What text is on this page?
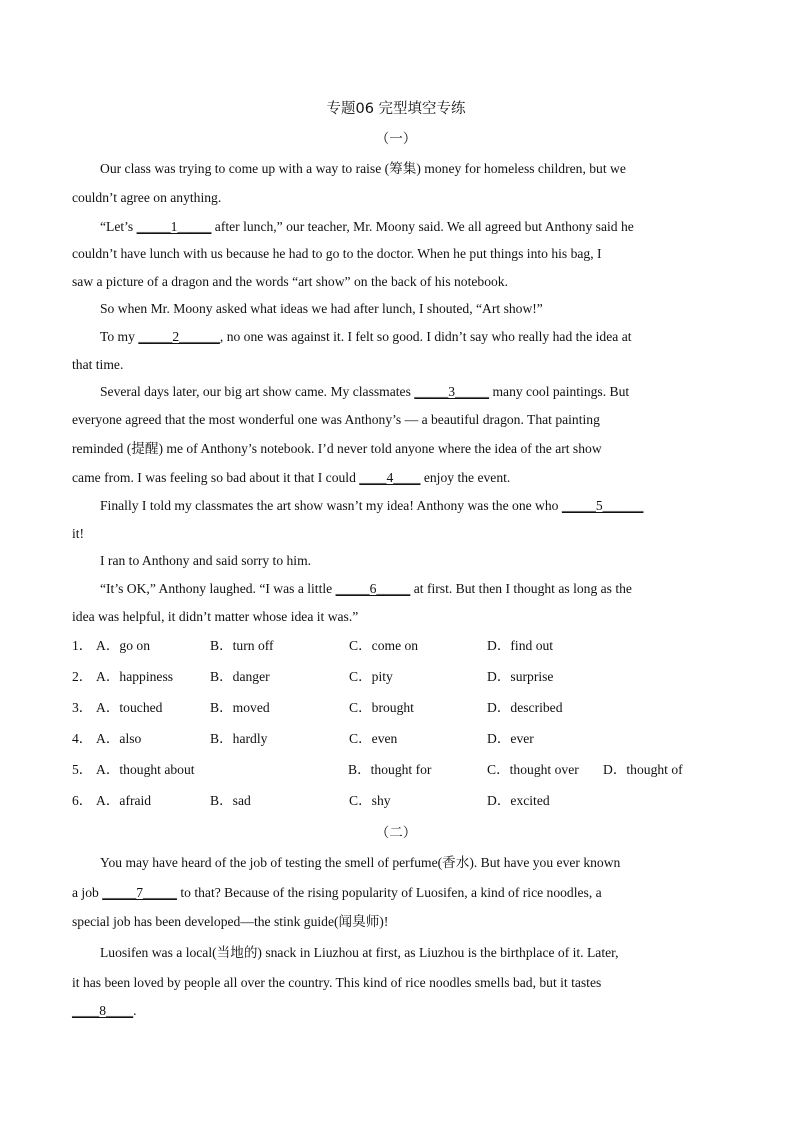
专题06 完型填空专练
（一）
Our class was trying to come up with a way to raise (筹集) money for homeless children, but we
couldn’t agree on anything.
“Let’s _____1_____ after lunch,” our teacher, Mr. Moony said. We all agreed but Anthony said he
couldn’t have lunch with us because he had to go to the doctor. When he put things into his bag, I
saw a picture of a dragon and the words “art show” on the back of his notebook.
So when Mr. Moony asked what ideas we had after lunch, I shouted, “Art show!”
To my _____2______, no one was against it. I felt so good. I didn’t say who really had the idea at
that time.
Several days later, our big art show came. My classmates _____3_____ many cool paintings. But
everyone agreed that the most wonderful one was Anthony’s — a beautiful dragon. That painting
reminded (提醒) me of Anthony’s notebook. I’d never told anyone where the idea of the art show
came from. I was feeling so bad about it that I could ____4____ enjoy the event.
Finally I told my classmates the art show wasn’t my idea! Anthony was the one who _____5______
it!
I ran to Anthony and said sorry to him.
“It’s OK,” Anthony laughed. “I was a little _____6_____ at first. But then I thought as long as the
idea was helpful, it didn’t matter whose idea it was.”
1． A．go on	B．turn off	C．come on	D．find out
2． A．happiness	B．danger	C．pity	D．surprise
3． A．touched	B．moved	C．brought	D．described
4． A．also	B．hardly	C．even	D．ever
5． A．thought about	B．thought for	C．thought over D．thought of
6． A．afraid	B．sad	C．shy	D．excited
（二）
You may have heard of the job of testing the smell of perfume(香水). But have you ever known
a job _____7_____ to that? Because of the rising popularity of Luosifen, a kind of rice noodles, a
special job has been developed—the stink guide(闻臭师)!
Luosifen was a local(当地的) snack in Liuzhou at first, as Liuzhou is the birthplace of it. Later,
it has been loved by people all over the country. This kind of rice noodles smells bad, but it tastes
____8____.
